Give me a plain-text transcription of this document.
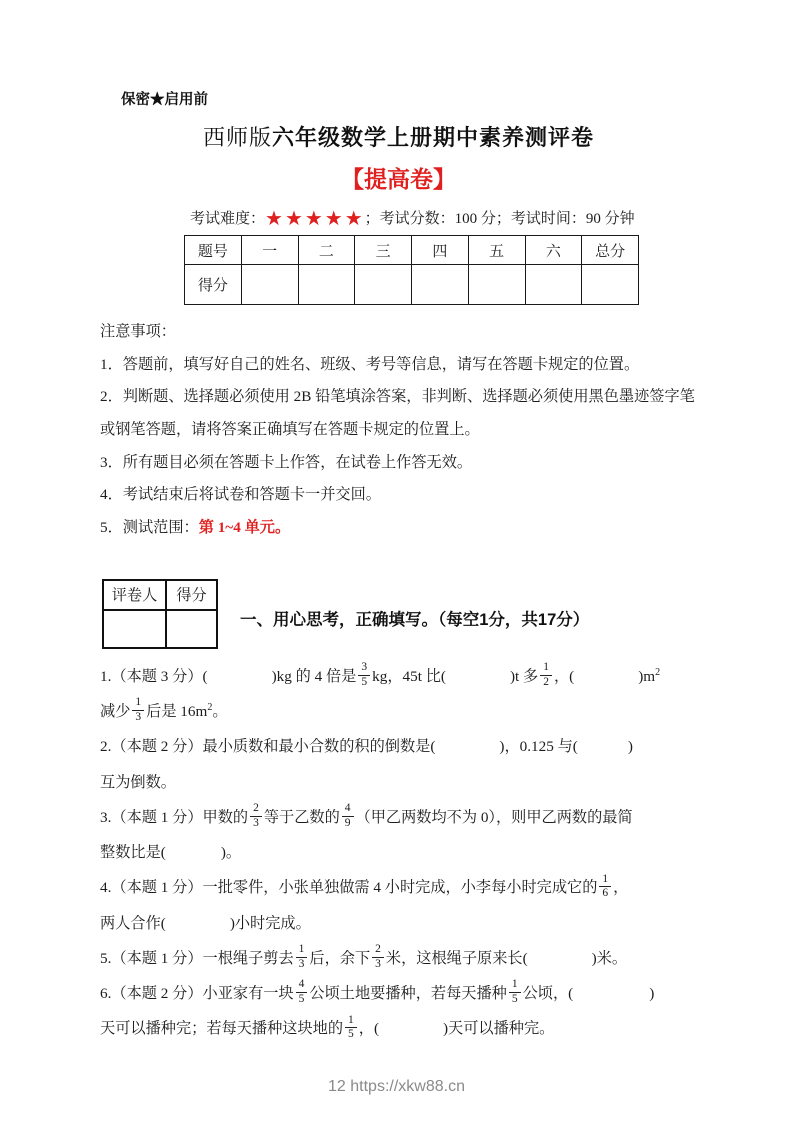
保密★启用前
西师版六年级数学上册期中素养测评卷
【提高卷】
考试难度：★★★★★；考试分数：100 分；考试时间：90 分钟
题号	一	二	三	四	五	六	总分
得分							

注意事项：

1．答题前，填写好自己的姓名、班级、考号等信息，请写在答题卡规定的位置。

2．判断题、选择题必须使用 2B 铅笔填涂答案，非判断、选择题必须使用黑色墨迹签字笔或钢笔答题，请将答案正确填写在答题卡规定的位置上。

3．所有题目必须在答题卡上作答，在试卷上作答无效。

4．考试结束后将试卷和答题卡一并交回。

5．测试范围：第 1~4 单元。

评卷人	得分

一、用心思考，正确填写。（每空1分，共17分）

1.（本题 3 分）(	)kg 的 4 倍是 $\frac{3}{5}$ kg，45t 比(	)t 多 $\frac{1}{2}$ ，(	)$m^2$
减少 $\frac{1}{3}$ 后是 $16m^2$。

2.（本题 2 分）最小质数和最小合数的积的倒数是(	)，0.125 与(	)
互为倒数。

3.（本题 1 分）甲数的 $\frac{2}{3}$ 等于乙数的 $\frac{4}{9}$ （甲乙两数均不为 0），则甲乙两数的最简
整数比是(	)。

4.（本题 1 分）一批零件，小张单独做需 4 小时完成，小李每小时完成它的 $\frac{1}{6}$ ，
两人合作(	)小时完成。

5.（本题 1 分）一根绳子剪去 $\frac{1}{3}$ 后，余下 $\frac{2}{3}$ 米，这根绳子原来长(	)米。

6.（本题 2 分）小亚家有一块 $\frac{4}{5}$ 公顷土地要播种，若每天播种 $\frac{1}{5}$ 公顷，(	)
天可以播种完；若每天播种这块地的 $\frac{1}{5}$ ，(	)天可以播种完。

12 https://xkw88.cn
